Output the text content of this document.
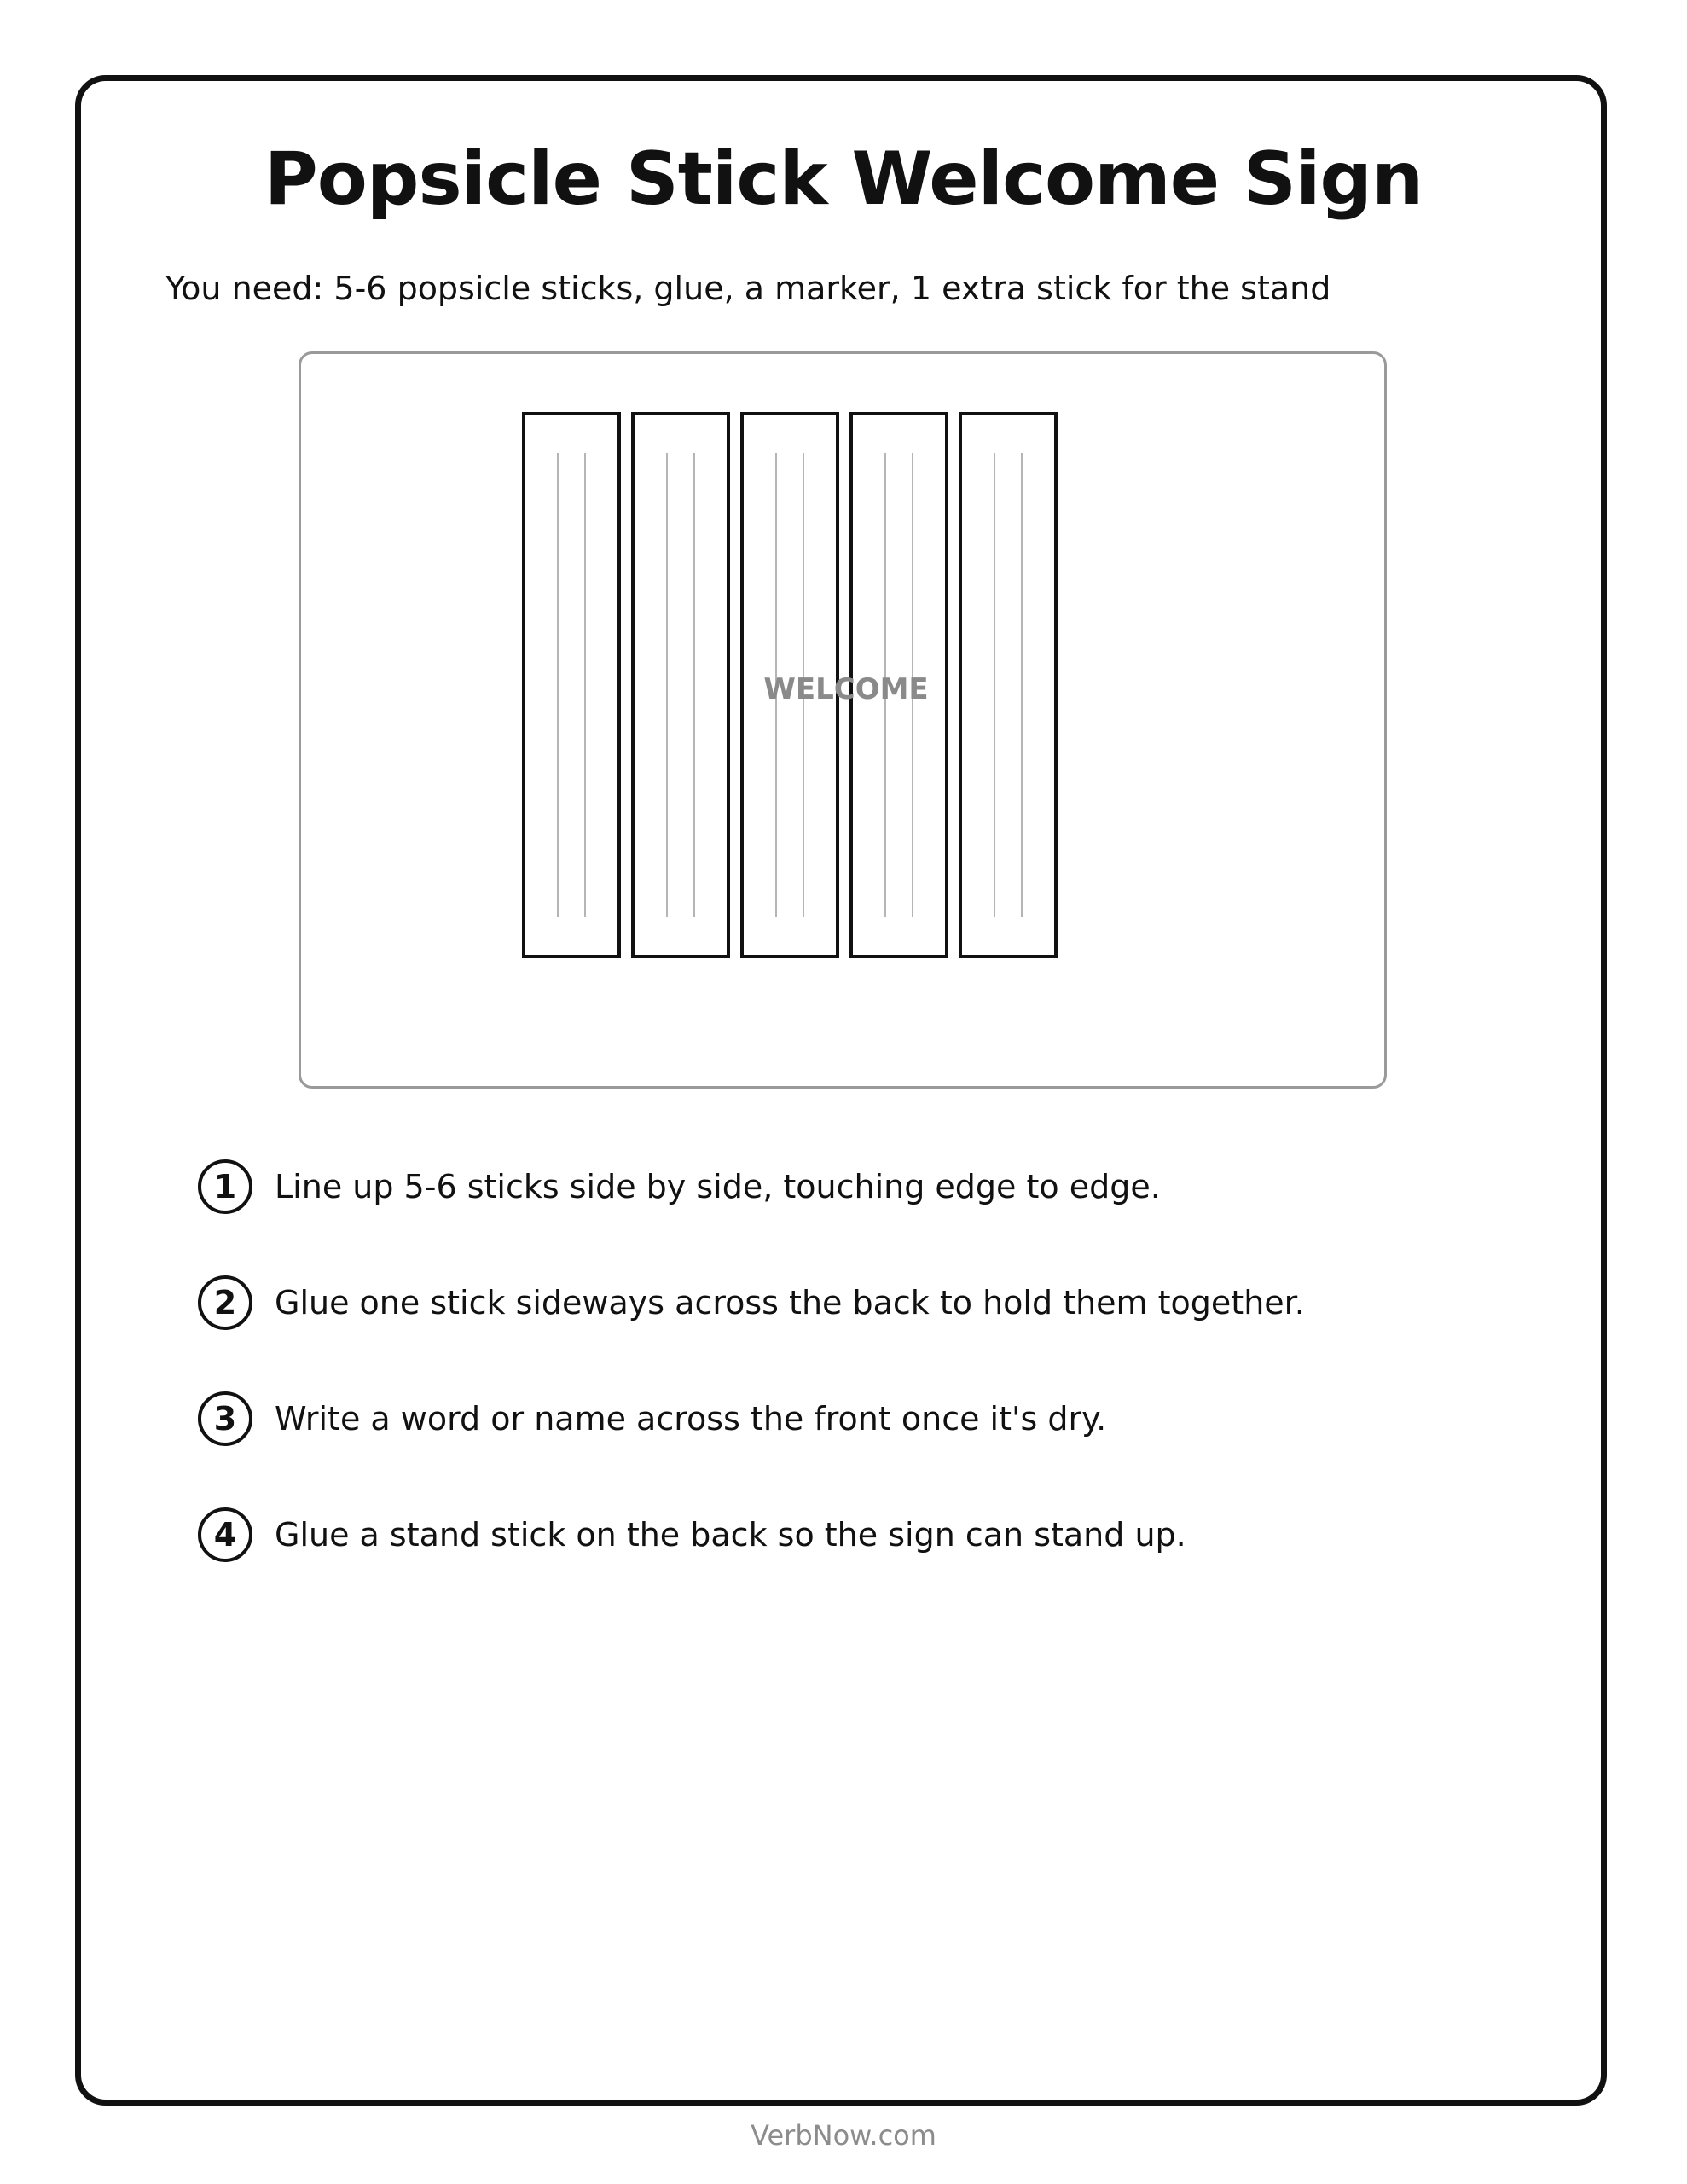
Popsicle Stick Welcome Sign
You need: 5-6 popsicle sticks, glue, a marker, 1 extra stick for the stand
WELCOME
1	Line up 5-6 sticks side by side, touching edge to edge.
2	Glue one stick sideways across the back to hold them together.
3	Write a word or name across the front once it's dry.
4	Glue a stand stick on the back so the sign can stand up.
VerbNow.com
